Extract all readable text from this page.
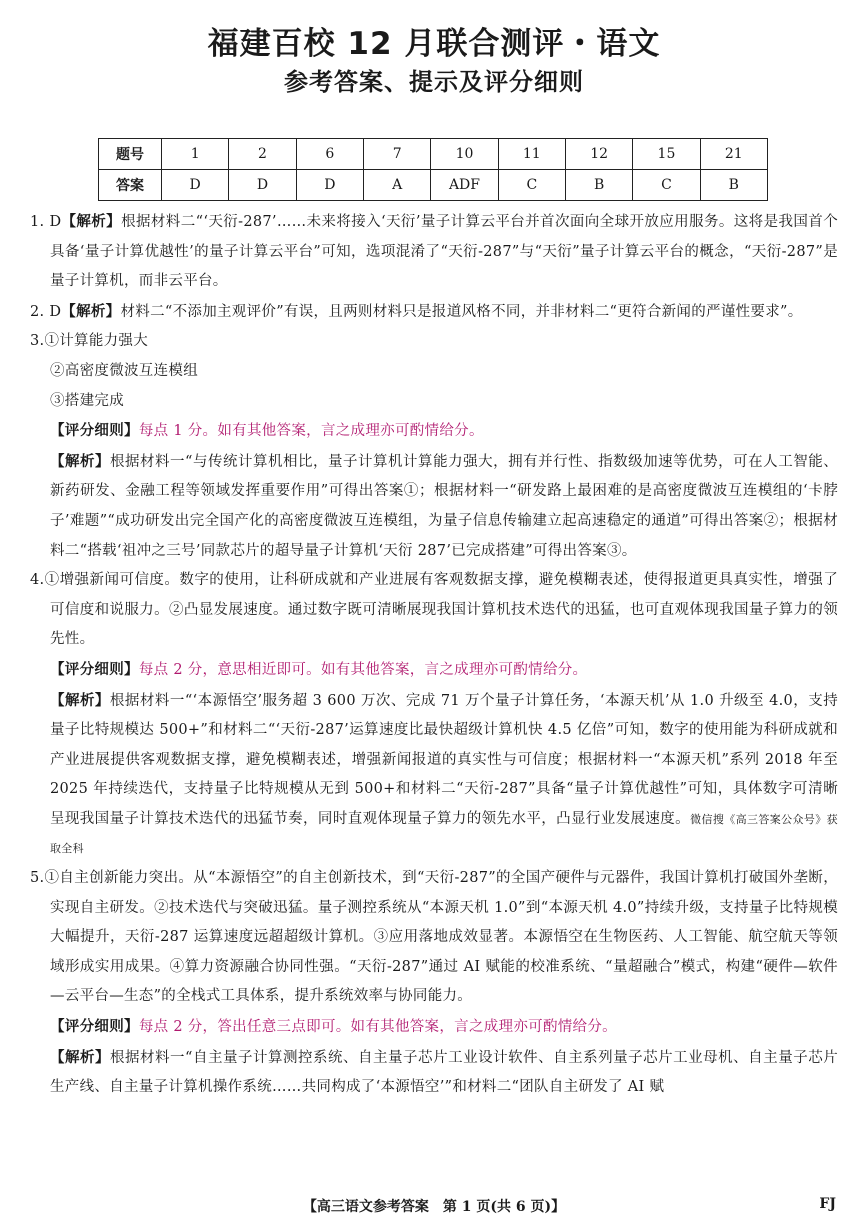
福建百校 12 月联合测评・语文
参考答案、提示及评分细则
题号	1	2	6	7	10	11	12	15	21
答案	D	D	D	A	ADF	C	B	C	B

1. D【解析】根据材料二“‘天衍-287’……未来将接入‘天衍’量子计算云平台并首次面向全球开放应用服务。这将是我国首个具备‘量子计算优越性’的量子计算云平台”可知，选项混淆了“天衍-287”与“天衍”量子计算云平台的概念，“天衍-287”是量子计算机，而非云平台。

2. D【解析】材料二“不添加主观评价”有误，且两则材料只是报道风格不同，并非材料二“更符合新闻的严谨性要求”。

3.①计算能力强大

②高密度微波互连模组

③搭建完成

【评分细则】每点 1 分。如有其他答案，言之成理亦可酌情给分。

【解析】根据材料一“与传统计算机相比，量子计算机计算能力强大，拥有并行性、指数级加速等优势，可在人工智能、新药研发、金融工程等领域发挥重要作用”可得出答案①；根据材料一“研发路上最困难的是高密度微波互连模组的‘卡脖子’难题”“成功研发出完全国产化的高密度微波互连模组，为量子信息传输建立起高速稳定的通道”可得出答案②；根据材料二“搭载‘祖冲之三号’同款芯片的超导量子计算机‘天衍 287’已完成搭建”可得出答案③。

4.①增强新闻可信度。数字的使用，让科研成就和产业进展有客观数据支撑，避免模糊表述，使得报道更具真实性，增强了可信度和说服力。②凸显发展速度。通过数字既可清晰展现我国计算机技术迭代的迅猛，也可直观体现我国量子算力的领先性。

【评分细则】每点 2 分，意思相近即可。如有其他答案，言之成理亦可酌情给分。

【解析】根据材料一“‘本源悟空’服务超 3 600 万次、完成 71 万个量子计算任务，‘本源天机’从 1.0 升级至 4.0，支持量子比特规模达 500+”和材料二“‘天衍-287’运算速度比最快超级计算机快 4.5 亿倍”可知，数字的使用能为科研成就和产业进展提供客观数据支撑，避免模糊表述，增强新闻报道的真实性与可信度；根据材料一“本源天机”系列 2018 年至 2025 年持续迭代，支持量子比特规模从无到 500+和材料二“天衍-287”具备“量子计算优越性”可知，具体数字可清晰呈现我国量子计算技术迭代的迅猛节奏，同时直观体现量子算力的领先水平，凸显行业发展速度。微信搜《高三答案公众号》获取全科

5.①自主创新能力突出。从“本源悟空”的自主创新技术，到“天衍-287”的全国产硬件与元器件，我国计算机打破国外垄断，实现自主研发。②技术迭代与突破迅猛。量子测控系统从“本源天机 1.0”到“本源天机 4.0”持续升级，支持量子比特规模大幅提升，天衍-287 运算速度远超超级计算机。③应用落地成效显著。本源悟空在生物医药、人工智能、航空航天等领域形成实用成果。④算力资源融合协同性强。“天衍-287”通过 AI 赋能的校准系统、“量超融合”模式，构建“硬件—软件—云平台—生态”的全栈式工具体系，提升系统效率与协同能力。

【评分细则】每点 2 分，答出任意三点即可。如有其他答案，言之成理亦可酌情给分。

【解析】根据材料一“自主量子计算测控系统、自主量子芯片工业设计软件、自主系列量子芯片工业母机、自主量子芯片生产线、自主量子计算机操作系统……共同构成了‘本源悟空’”和材料二“团队自主研发了 AI 赋

【高三语文参考答案　第 1 页(共 6 页)】	FJ
